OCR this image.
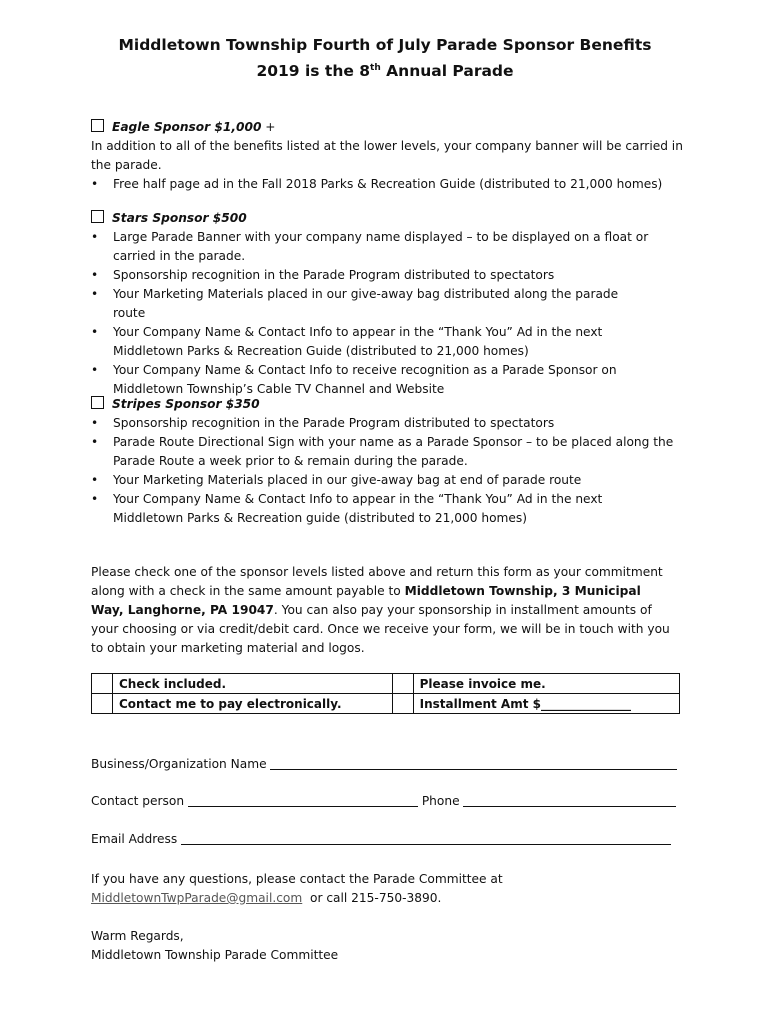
Middletown Township Fourth of July Parade Sponsor Benefits
2019 is the 8th Annual Parade
Eagle Sponsor $1,000 +
In addition to all of the benefits listed at the lower levels, your company banner will be carried in the parade.
• Free half page ad in the Fall 2018 Parks & Recreation Guide (distributed to 21,000 homes)
Stars Sponsor $500
• Large Parade Banner with your company name displayed – to be displayed on a float or carried in the parade.
• Sponsorship recognition in the Parade Program distributed to spectators
• Your Marketing Materials placed in our give-away bag distributed along the parade route
• Your Company Name & Contact Info to appear in the “Thank You” Ad in the next Middletown Parks & Recreation Guide (distributed to 21,000 homes)
• Your Company Name & Contact Info to receive recognition as a Parade Sponsor on Middletown Township’s Cable TV Channel and Website
Stripes Sponsor $350
• Sponsorship recognition in the Parade Program distributed to spectators
• Parade Route Directional Sign with your name as a Parade Sponsor – to be placed along the Parade Route a week prior to & remain during the parade.
• Your Marketing Materials placed in our give-away bag at end of parade route
• Your Company Name & Contact Info to appear in the “Thank You” Ad in the next Middletown Parks & Recreation guide (distributed to 21,000 homes)
Please check one of the sponsor levels listed above and return this form as your commitment along with a check in the same amount payable to Middletown Township, 3 Municipal Way, Langhorne, PA 19047. You can also pay your sponsorship in installment amounts of your choosing or via credit/debit card. Once we receive your form, we will be in touch with you to obtain your marketing material and logos.
	Check included.		Please invoice me.
	Contact me to pay electronically.		Installment Amt $_______________
Business/Organization Name
Contact person	Phone
Email Address
If you have any questions, please contact the Parade Committee at
MiddletownTwpParade@gmail.com  or call 215-750-3890.
Warm Regards,
Middletown Township Parade Committee
